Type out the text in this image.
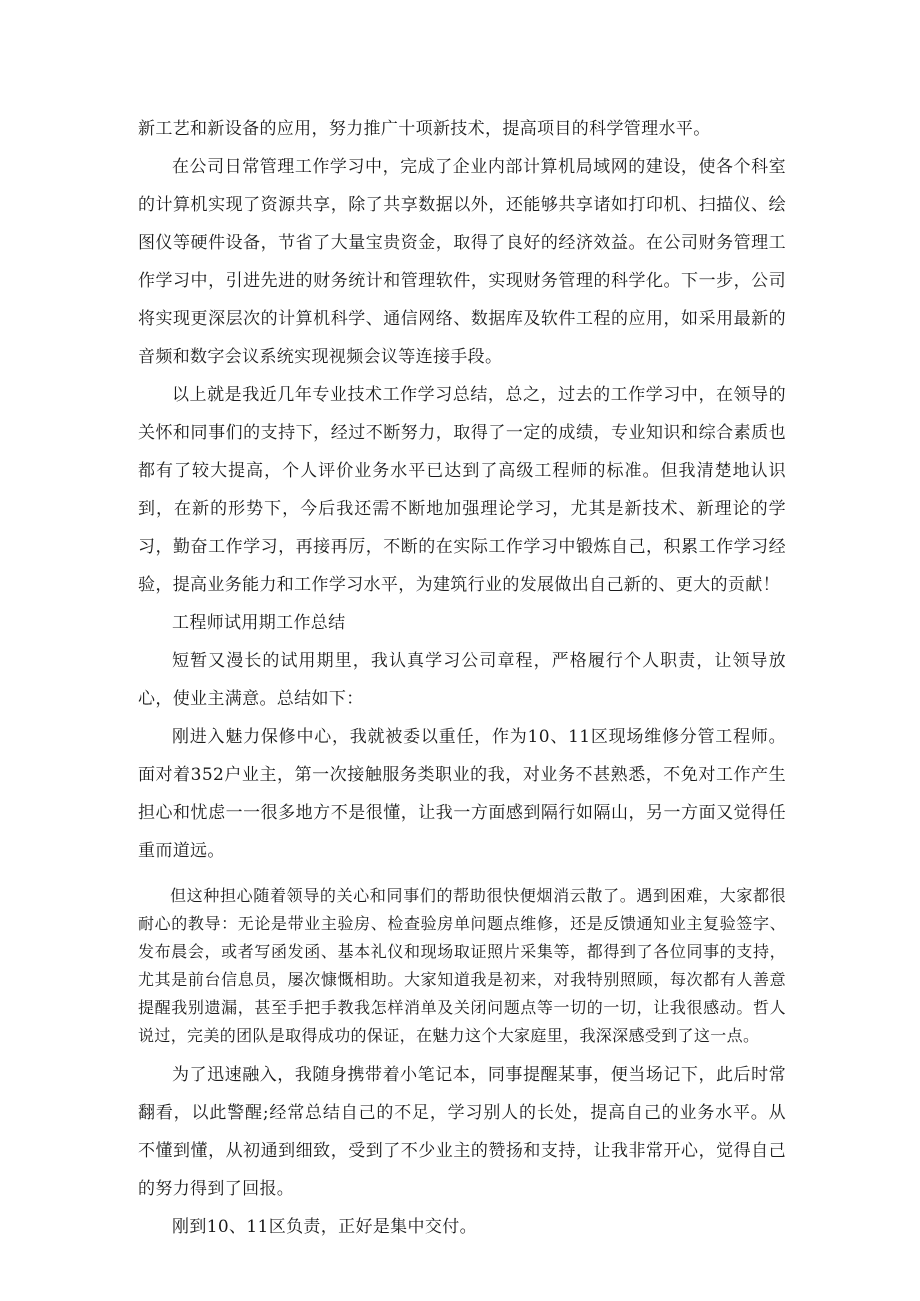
新工艺和新设备的应用，努力推广十项新技术，提高项目的科学管理水平。

在公司日常管理工作学习中，完成了企业内部计算机局域网的建设，使各个科室的计算机实现了资源共享，除了共享数据以外，还能够共享诸如打印机、扫描仪、绘图仪等硬件设备，节省了大量宝贵资金，取得了良好的经济效益。在公司财务管理工作学习中，引进先进的财务统计和管理软件，实现财务管理的科学化。下一步，公司将实现更深层次的计算机科学、通信网络、数据库及软件工程的应用，如采用最新的音频和数字会议系统实现视频会议等连接手段。

以上就是我近几年专业技术工作学习总结，总之，过去的工作学习中，在领导的关怀和同事们的支持下，经过不断努力，取得了一定的成绩，专业知识和综合素质也都有了较大提高，个人评价业务水平已达到了高级工程师的标准。但我清楚地认识到，在新的形势下，今后我还需不断地加强理论学习，尤其是新技术、新理论的学习，勤奋工作学习，再接再厉，不断的在实际工作学习中锻炼自己，积累工作学习经验，提高业务能力和工作学习水平，为建筑行业的发展做出自己新的、更大的贡献！

工程师试用期工作总结

短暂又漫长的试用期里，我认真学习公司章程，严格履行个人职责，让领导放心，使业主满意。总结如下：

刚进入魅力保修中心，我就被委以重任，作为10、11区现场维修分管工程师。面对着352户业主，第一次接触服务类职业的我，对业务不甚熟悉，不免对工作产生担心和忧虑一一很多地方不是很懂，让我一方面感到隔行如隔山，另一方面又觉得任重而道远。

但这种担心随着领导的关心和同事们的帮助很快便烟消云散了。遇到困难，大家都很耐心的教导：无论是带业主验房、检查验房单问题点维修，还是反馈通知业主复验签字、发布晨会，或者写函发函、基本礼仪和现场取证照片采集等，都得到了各位同事的支持，尤其是前台信息员，屡次慷慨相助。大家知道我是初来，对我特别照顾，每次都有人善意提醒我别遗漏，甚至手把手教我怎样消单及关闭问题点等一切的一切，让我很感动。哲人说过，完美的团队是取得成功的保证，在魅力这个大家庭里，我深深感受到了这一点。

为了迅速融入，我随身携带着小笔记本，同事提醒某事，便当场记下，此后时常翻看，以此警醒;经常总结自己的不足，学习别人的长处，提高自己的业务水平。从不懂到懂，从初通到细致，受到了不少业主的赞扬和支持，让我非常开心，觉得自己的努力得到了回报。

刚到10、11区负责，正好是集中交付。
